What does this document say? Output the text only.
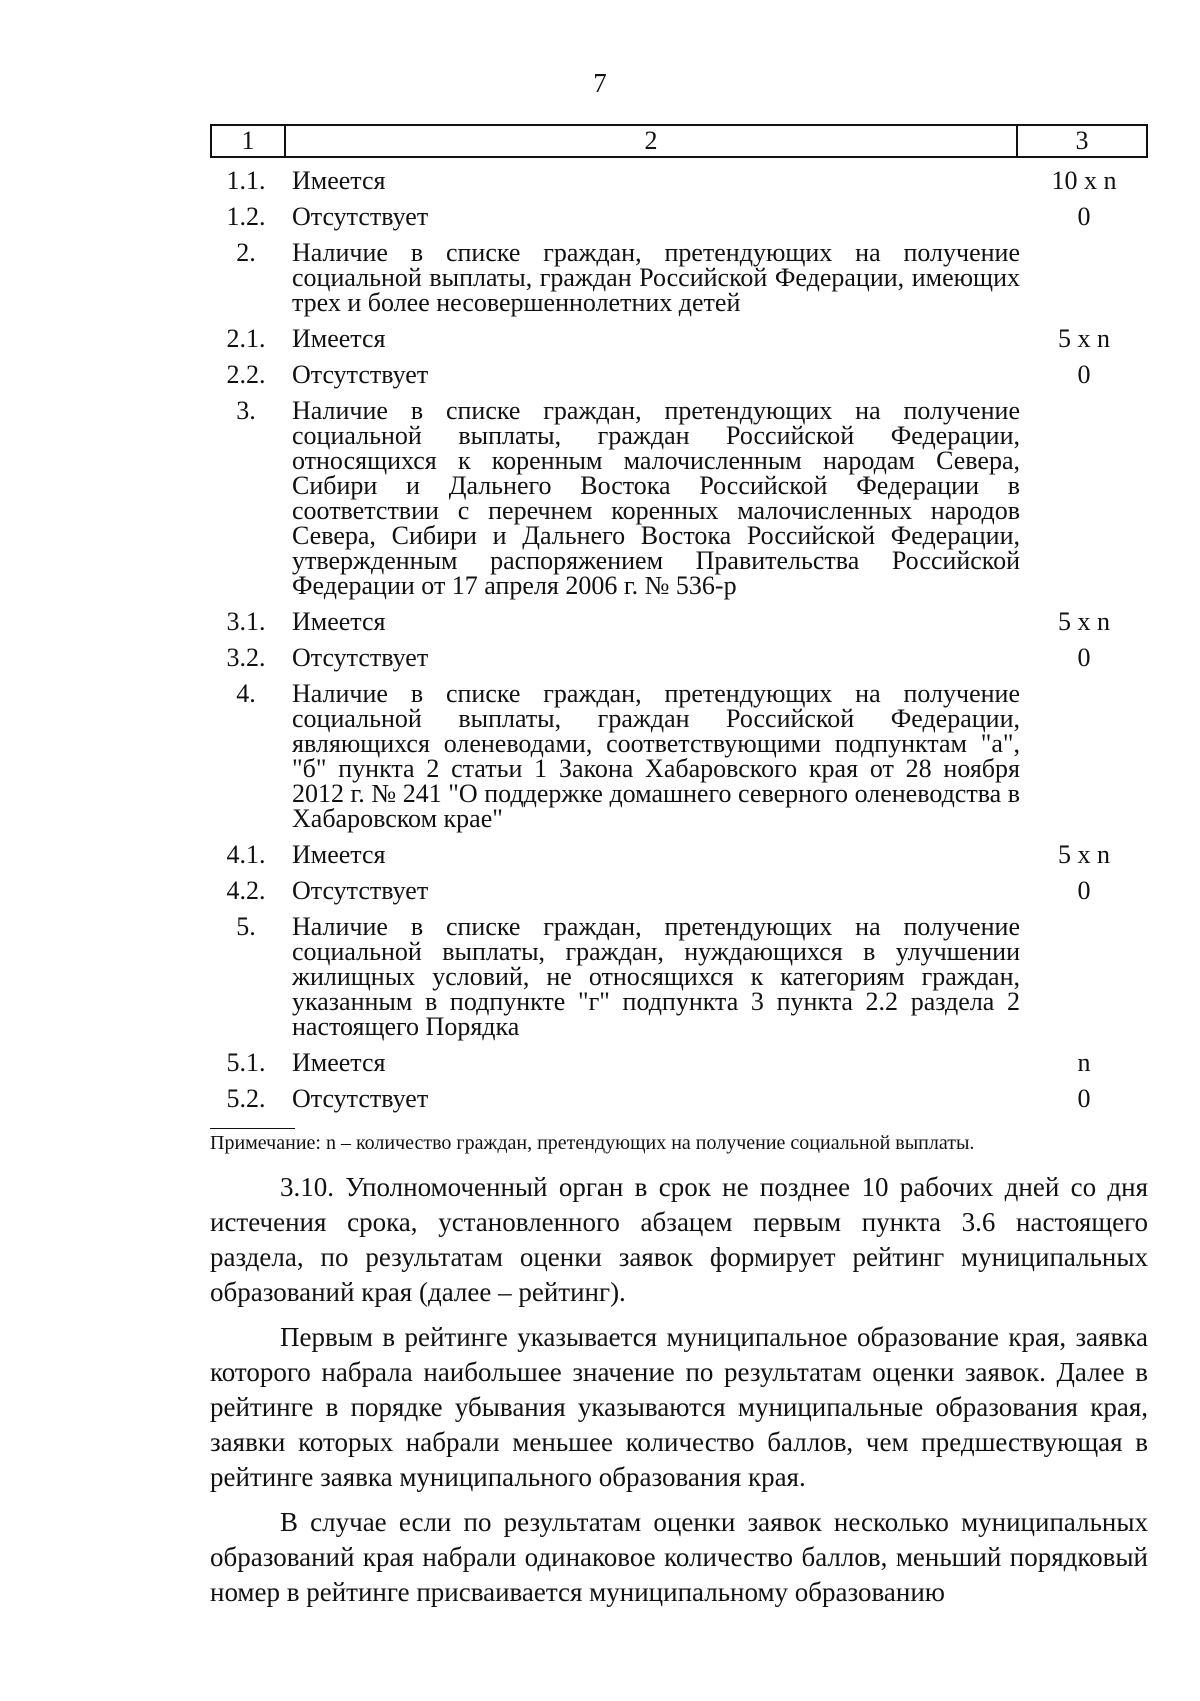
7
1	2	3
1.1.	Имеется	10 x n
1.2.	Отсутствует	0
2.	Наличие в списке граждан, претендующих на получение социальной выплаты, граждан Российской Федерации, имеющих трех и более несовершеннолетних детей
2.1.	Имеется	5 x n
2.2.	Отсутствует	0
3.	Наличие в списке граждан, претендующих на получение социальной выплаты, граждан Российской Федерации, относящихся к коренным малочисленным народам Севера, Сибири и Дальнего Востока Российской Федерации в соответствии с перечнем коренных малочисленных народов Севера, Сибири и Дальнего Востока Российской Федерации, утвержденным распоряжением Правительства Российской Федерации от 17 апреля 2006 г. № 536-р
3.1.	Имеется	5 x n
3.2.	Отсутствует	0
4.	Наличие в списке граждан, претендующих на получение социальной выплаты, граждан Российской Федерации, являющихся оленеводами, соответствующими подпунктам "а", "б" пункта 2 статьи 1 Закона Хабаровского края от 28 ноября 2012 г. № 241 "О поддержке домашнего северного оленеводства в Хабаровском крае"
4.1.	Имеется	5 x n
4.2.	Отсутствует	0
5.	Наличие в списке граждан, претендующих на получение социальной выплаты, граждан, нуждающихся в улучшении жилищных условий, не относящихся к категориям граждан, указанным в подпункте "г" подпункта 3 пункта 2.2 раздела 2 настоящего Порядка
5.1.	Имеется	n
5.2.	Отсутствует	0
Примечание: n – количество граждан, претендующих на получение социальной выплаты.

3.10. Уполномоченный орган в срок не позднее 10 рабочих дней со дня истечения срока, установленного абзацем первым пункта 3.6 настоящего раздела, по результатам оценки заявок формирует рейтинг муниципальных образований края (далее – рейтинг).

Первым в рейтинге указывается муниципальное образование края, заявка которого набрала наибольшее значение по результатам оценки заявок. Далее в рейтинге в порядке убывания указываются муниципальные образования края, заявки которых набрали меньшее количество баллов, чем предшествующая в рейтинге заявка муниципального образования края.

В случае если по результатам оценки заявок несколько муниципальных образований края набрали одинаковое количество баллов, меньший порядковый номер в рейтинге присваивается муниципальному образованию
